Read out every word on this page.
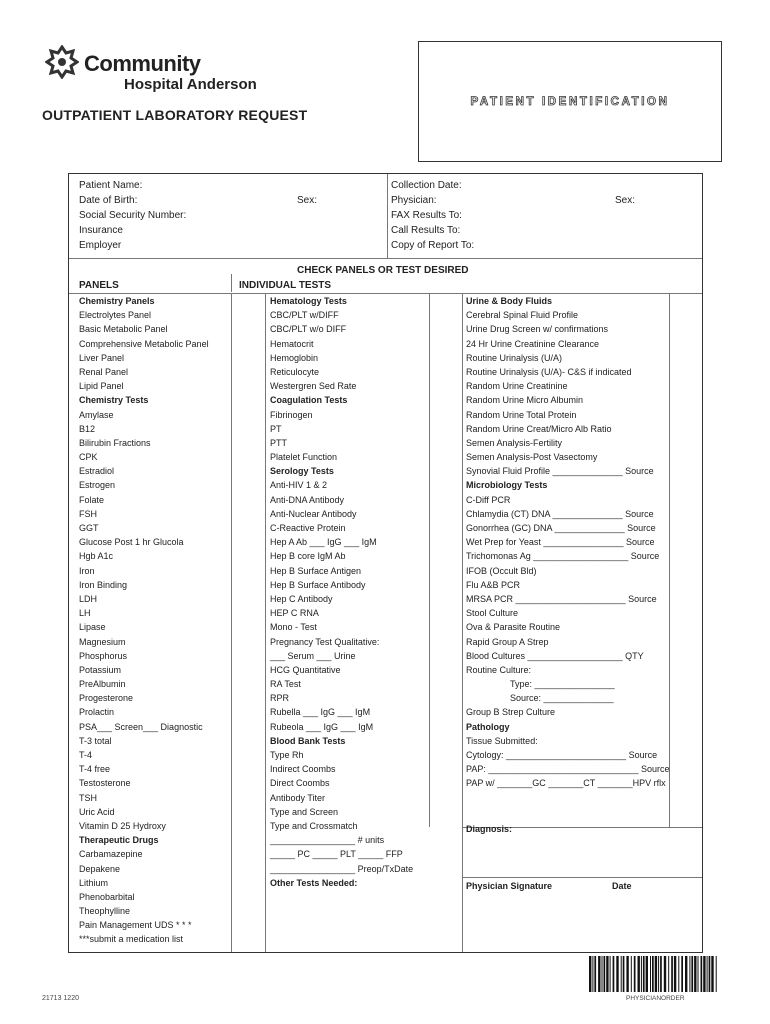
Community
Hospital Anderson
OUTPATIENT LABORATORY REQUEST
PATIENT IDENTIFICATION
Patient Name:
Date of Birth:
Social Security Number:
Insurance
Employer
Sex:
Collection Date:
Physician:
FAX Results To:
Call Results To:
Copy of Report To:
Sex:
CHECK PANELS OR TEST DESIRED
PANELS	INDIVIDUAL TESTS
Chemistry Panels
Electrolytes Panel
Basic Metabolic Panel
Comprehensive Metabolic Panel
Liver Panel
Renal Panel
Lipid Panel
Chemistry Tests
Amylase
B12
Bilirubin Fractions
CPK
Estradiol
Estrogen
Folate
FSH
GGT
Glucose Post 1 hr Glucola
Hgb A1c
Iron
Iron Binding
LDH
LH
Lipase
Magnesium
Phosphorus
Potassium
PreAlbumin
Progesterone
Prolactin
PSA___ Screen___ Diagnostic
T-3 total
T-4
T-4 free
Testosterone
TSH
Uric Acid
Vitamin D 25 Hydroxy
Therapeutic Drugs
Carbamazepine
Depakene
Lithium
Phenobarbital
Theophylline
Pain Management UDS * * *
***submit a medication list
Hematology Tests
CBC/PLT w/DIFF
CBC/PLT w/o DIFF
Hematocrit
Hemoglobin
Reticulocyte
Westergren Sed Rate
Coagulation Tests
Fibrinogen
PT
PTT
Platelet Function
Serology Tests
Anti-HIV 1 & 2
Anti-DNA Antibody
Anti-Nuclear Antibody
C-Reactive Protein
Hep A Ab ___ IgG ___ IgM
Hep B core IgM Ab
Hep B Surface Antigen
Hep B Surface Antibody
Hep C Antibody
HEP C RNA
Mono - Test
Pregnancy Test Qualitative:
___ Serum ___ Urine
HCG Quantitative
RA Test
RPR
Rubella ___ IgG ___ IgM
Rubeola ___ IgG ___ IgM
Blood Bank Tests
Type Rh
Indirect Coombs
Direct Coombs
Antibody Titer
Type and Screen
Type and Crossmatch
_________________ # units
_____ PC _____ PLT _____ FFP
_________________ Preop/TxDate
Other Tests Needed:
Urine & Body Fluids
Cerebral Spinal Fluid Profile
Urine Drug Screen w/ confirmations
24 Hr Urine Creatinine Clearance
Routine Urinalysis (U/A)
Routine Urinalysis (U/A)- C&S if indicated
Random Urine Creatinine
Random Urine Micro Albumin
Random Urine Total Protein
Random Urine Creat/Micro Alb Ratio
Semen Analysis-Fertility
Semen Analysis-Post Vasectomy
Synovial Fluid Profile ______________ Source
Microbiology Tests
C-Diff PCR
Chlamydia (CT) DNA ______________ Source
Gonorrhea (GC) DNA ______________ Source
Wet Prep for Yeast ________________ Source
Trichomonas Ag ___________________ Source
IFOB (Occult Bld)
Flu A&B PCR
MRSA PCR ______________________ Source
Stool Culture
Ova & Parasite Routine
Rapid Group A Strep
Blood Cultures ___________________ QTY
Routine Culture:
Type: ________________
Source: ______________
Group B Strep Culture
Pathology
Tissue Submitted:
Cytology: ________________________ Source
PAP: ______________________________ Source
PAP w/ _______GC _______CT _______HPV rflx
Diagnosis:
Physician Signature	Date
21713 1220	PHYSICIANORDER
